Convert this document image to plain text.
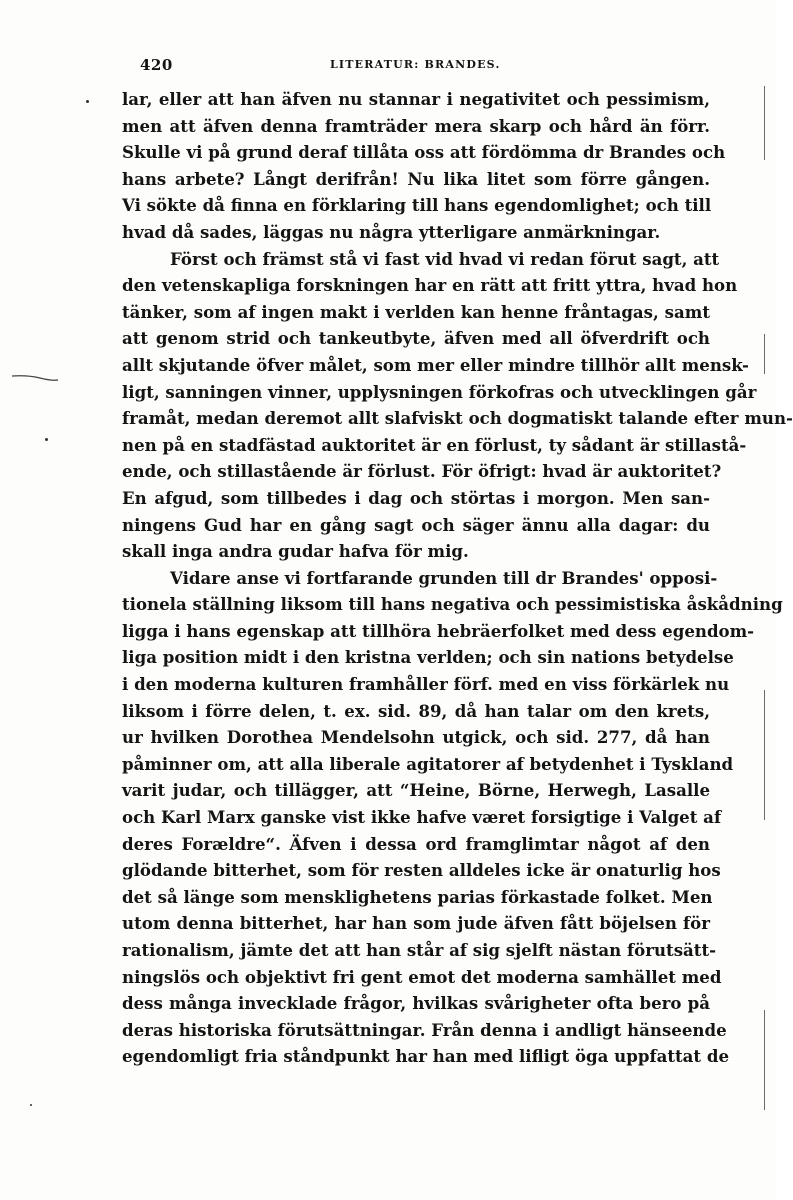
420	LITERATUR: BRANDES.
lar, eller att han äfven nu stannar i negativitet och pessimism,
men att äfven denna framträder mera skarp och hård än förr.
Skulle vi på grund deraf tillåta oss att fördömma dr Brandes och
hans arbete? Långt derifrån! Nu lika litet som förre gången.
Vi sökte då finna en förklaring till hans egendomlighet; och till
hvad då sades, läggas nu några ytterligare anmärkningar.
Först och främst stå vi fast vid hvad vi redan förut sagt, att
den vetenskapliga forskningen har en rätt att fritt yttra, hvad hon
tänker, som af ingen makt i verlden kan henne fråntagas, samt
att genom strid och tankeutbyte, äfven med all öfverdrift och
allt skjutande öfver målet, som mer eller mindre tillhör allt mensk-
ligt, sanningen vinner, upplysningen förkofras och utvecklingen går
framåt, medan deremot allt slafviskt och dogmatiskt talande efter mun-
nen på en stadfästad auktoritet är en förlust, ty sådant är stillastå-
ende, och stillastående är förlust. För öfrigt: hvad är auktoritet?
En afgud, som tillbedes i dag och störtas i morgon. Men san-
ningens Gud har en gång sagt och säger ännu alla dagar: du
skall inga andra gudar hafva för mig.
Vidare anse vi fortfarande grunden till dr Brandes' opposi-
tionela ställning liksom till hans negativa och pessimistiska åskådning
ligga i hans egenskap att tillhöra hebräerfolket med dess egendom-
liga position midt i den kristna verlden; och sin nations betydelse
i den moderna kulturen framhåller förf. med en viss förkärlek nu
liksom i förre delen, t. ex. sid. 89, då han talar om den krets,
ur hvilken Dorothea Mendelsohn utgick, och sid. 277, då han
påminner om, att alla liberale agitatorer af betydenhet i Tyskland
varit judar, och tillägger, att “Heine, Börne, Herwegh, Lasalle
och Karl Marx ganske vist ikke hafve været forsigtige i Valget af
deres Forældre“. Äfven i dessa ord framglimtar något af den
glödande bitterhet, som för resten alldeles icke är onaturlig hos
det så länge som mensklighetens parias förkastade folket. Men
utom denna bitterhet, har han som jude äfven fått böjelsen för
rationalism, jämte det att han står af sig sjelft nästan förutsätt-
ningslös och objektivt fri gent emot det moderna samhället med
dess många invecklade frågor, hvilkas svårigheter ofta bero på
deras historiska förutsättningar. Från denna i andligt hänseende
egendomligt fria ståndpunkt har han med lifligt öga uppfattat de
